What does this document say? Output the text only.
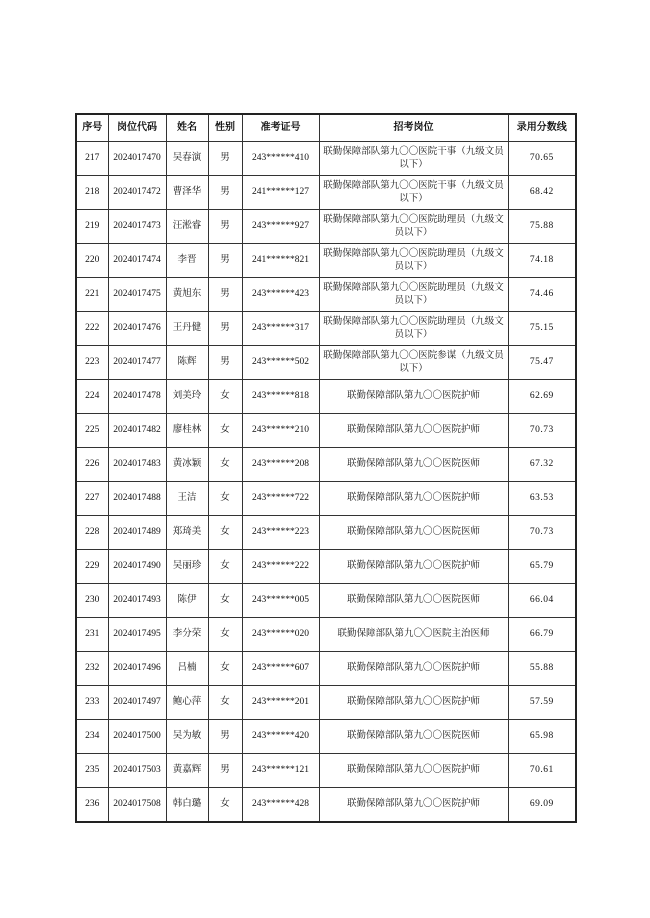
序号	岗位代码	姓名	性别	准考证号	招考岗位	录用分数线
217	2024017470	吴春演	男	243******410	联勤保障部队第九〇〇医院干事（九级文员以下）	70.65
218	2024017472	曹泽华	男	241******127	联勤保障部队第九〇〇医院干事（九级文员以下）	68.42
219	2024017473	汪淞睿	男	243******927	联勤保障部队第九〇〇医院助理员（九级文员以下）	75.88
220	2024017474	李晋	男	241******821	联勤保障部队第九〇〇医院助理员（九级文员以下）	74.18
221	2024017475	黄旭东	男	243******423	联勤保障部队第九〇〇医院助理员（九级文员以下）	74.46
222	2024017476	王丹健	男	243******317	联勤保障部队第九〇〇医院助理员（九级文员以下）	75.15
223	2024017477	陈辉	男	243******502	联勤保障部队第九〇〇医院参谋（九级文员以下）	75.47
224	2024017478	刘美玲	女	243******818	联勤保障部队第九〇〇医院护师	62.69
225	2024017482	廖桂林	女	243******210	联勤保障部队第九〇〇医院护师	70.73
226	2024017483	黄冰颖	女	243******208	联勤保障部队第九〇〇医院医师	67.32
227	2024017488	王洁	女	243******722	联勤保障部队第九〇〇医院护师	63.53
228	2024017489	郑琦美	女	243******223	联勤保障部队第九〇〇医院医师	70.73
229	2024017490	吴丽珍	女	243******222	联勤保障部队第九〇〇医院护师	65.79
230	2024017493	陈伊	女	243******005	联勤保障部队第九〇〇医院医师	66.04
231	2024017495	李分荣	女	243******020	联勤保障部队第九〇〇医院主治医师	66.79
232	2024017496	吕楠	女	243******607	联勤保障部队第九〇〇医院护师	55.88
233	2024017497	鲍心萍	女	243******201	联勤保障部队第九〇〇医院护师	57.59
234	2024017500	吴为敏	男	243******420	联勤保障部队第九〇〇医院医师	65.98
235	2024017503	黄嘉辉	男	243******121	联勤保障部队第九〇〇医院护师	70.61
236	2024017508	韩白璐	女	243******428	联勤保障部队第九〇〇医院护师	69.09
